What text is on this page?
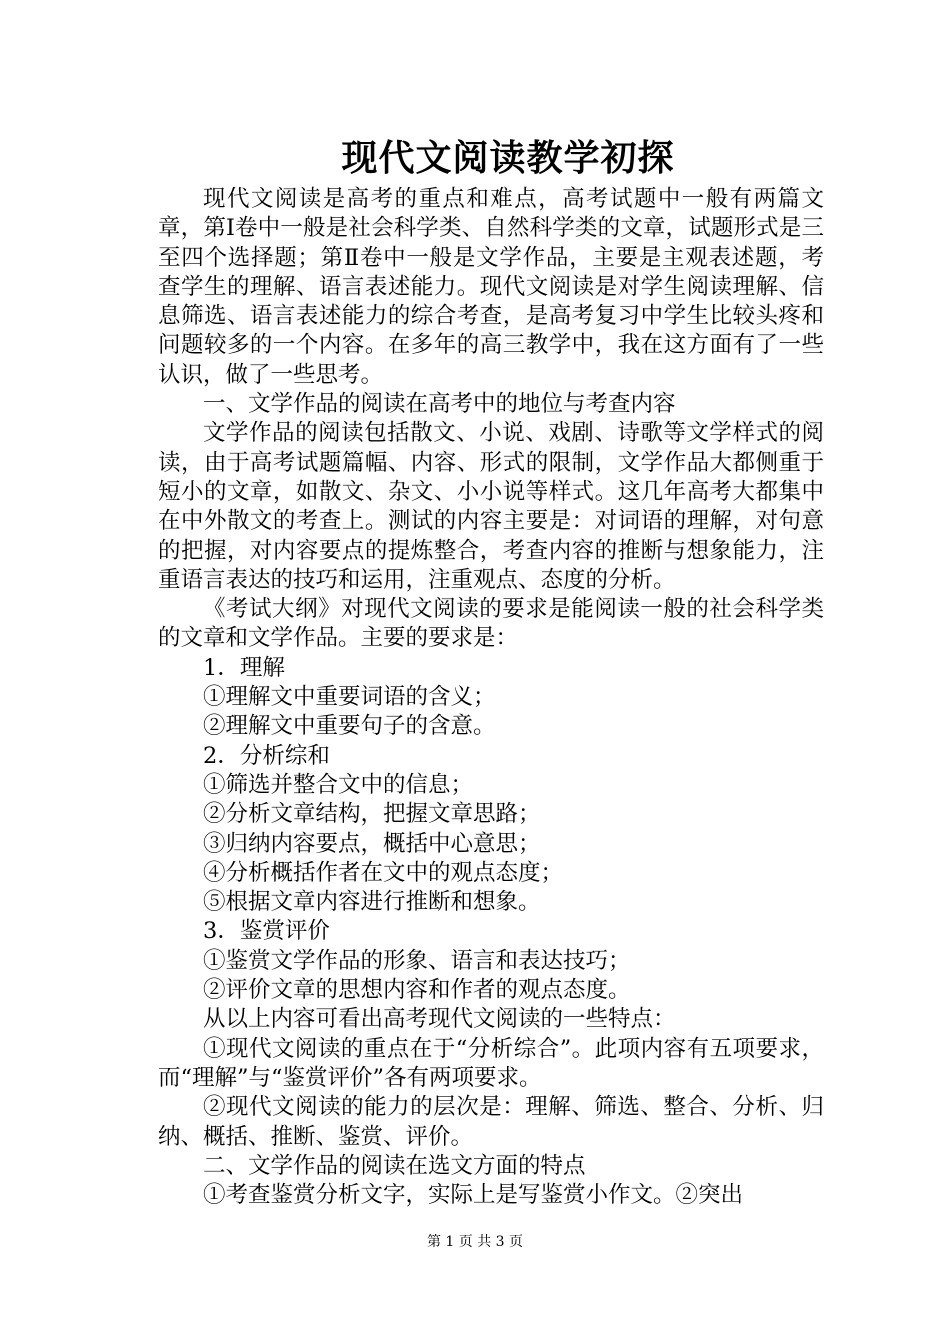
现代文阅读教学初探

现代文阅读是高考的重点和难点，高考试题中一般有两篇文章，第Ⅰ卷中一般是社会科学类、自然科学类的文章，试题形式是三至四个选择题；第Ⅱ卷中一般是文学作品，主要是主观表述题，考查学生的理解、语言表述能力。现代文阅读是对学生阅读理解、信息筛选、语言表述能力的综合考查，是高考复习中学生比较头疼和问题较多的一个内容。在多年的高三教学中，我在这方面有了一些认识，做了一些思考。

一、文学作品的阅读在高考中的地位与考查内容

文学作品的阅读包括散文、小说、戏剧、诗歌等文学样式的阅读，由于高考试题篇幅、内容、形式的限制，文学作品大都侧重于短小的文章，如散文、杂文、小小说等样式。这几年高考大都集中在中外散文的考查上。测试的内容主要是：对词语的理解，对句意的把握，对内容要点的提炼整合，考查内容的推断与想象能力，注重语言表达的技巧和运用，注重观点、态度的分析。

《考试大纲》对现代文阅读的要求是能阅读一般的社会科学类的文章和文学作品。主要的要求是：

1．理解

①理解文中重要词语的含义；

②理解文中重要句子的含意。

2．分析综和

①筛选并整合文中的信息；

②分析文章结构，把握文章思路；

③归纳内容要点，概括中心意思；

④分析概括作者在文中的观点态度；

⑤根据文章内容进行推断和想象。

3．鉴赏评价

①鉴赏文学作品的形象、语言和表达技巧；

②评价文章的思想内容和作者的观点态度。

从以上内容可看出高考现代文阅读的一些特点：

①现代文阅读的重点在于“分析综合”。此项内容有五项要求，而“理解”与“鉴赏评价”各有两项要求。

②现代文阅读的能力的层次是：理解、筛选、整合、分析、归纳、概括、推断、鉴赏、评价。

二、文学作品的阅读在选文方面的特点

①考查鉴赏分析文字，实际上是写鉴赏小作文。②突出

第 1 页 共 3 页
